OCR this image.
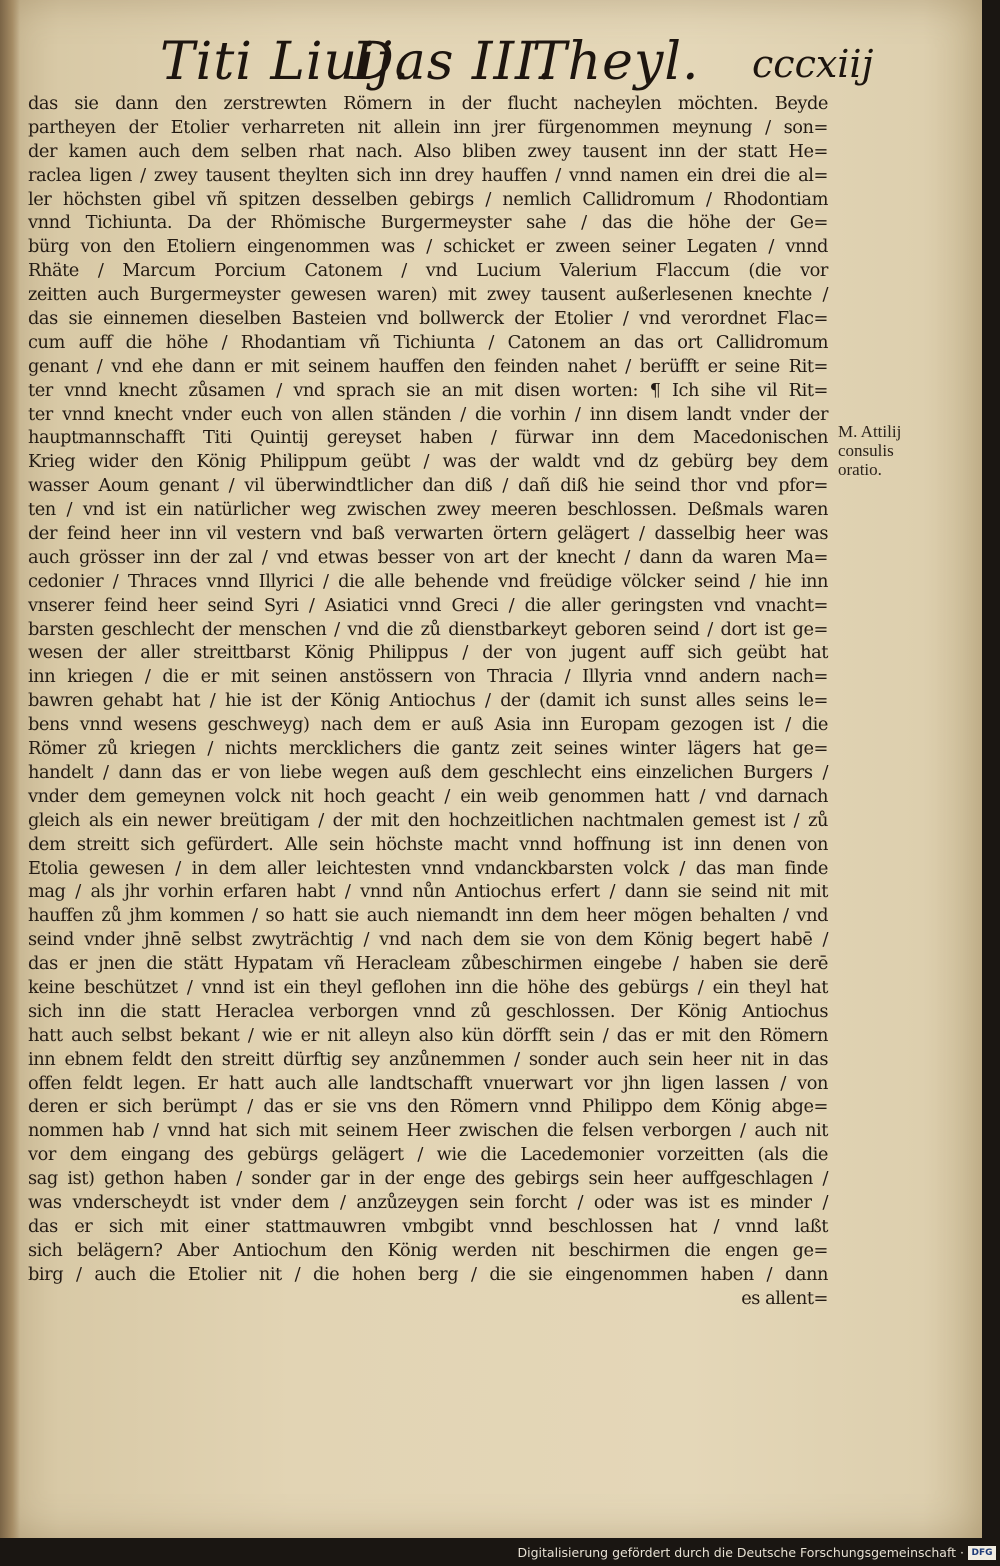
Titi Liuij.
Das III.
Theyl. cccxiij
das sie dann den zerstrewten Römern in der flucht nacheylen möchten. Beyde
partheyen der Etolier verharreten nit allein inn jrer fürgenommen meynung / son=
der kamen auch dem selben rhat nach. Also bliben zwey tausent inn der statt He=
raclea ligen / zwey tausent theylten sich inn drey hauffen / vnnd namen ein drei die al=
ler höchsten gibel vñ spitzen desselben gebirgs / nemlich Callidromum / Rhodontiam
vnnd Tichiunta. Da der Rhömische Burgermeyster sahe / das die höhe der Ge=
bürg von den Etoliern eingenommen was / schicket er zween seiner Legaten / vnnd
Rhäte / Marcum Porcium Catonem / vnd Lucium Valerium Flaccum (die vor
zeitten auch Burgermeyster gewesen waren) mit zwey tausent außerlesenen knechte /
das sie einnemen dieselben Basteien vnd bollwerck der Etolier / vnd verordnet Flac=
cum auff die höhe / Rhodantiam vñ Tichiunta / Catonem an das ort Callidromum
genant / vnd ehe dann er mit seinem hauffen den feinden nahet / berüfft er seine Rit=
ter vnnd knecht zůsamen / vnd sprach sie an mit disen worten: ¶ Ich sihe vil Rit=
ter vnnd knecht vnder euch von allen ständen / die vorhin / inn disem landt vnder der
hauptmannschafft Titi Quintij gereyset haben / fürwar inn dem Macedonischen
Krieg wider den König Philippum geübt / was der waldt vnd dz gebürg bey dem
wasser Aoum genant / vil überwindtlicher dan diß / dañ diß hie seind thor vnd pfor=
ten / vnd ist ein natürlicher weg zwischen zwey meeren beschlossen. Deßmals waren
der feind heer inn vil vestern vnd baß verwarten örtern gelägert / dasselbig heer was
auch grösser inn der zal / vnd etwas besser von art der knecht / dann da waren Ma=
cedonier / Thraces vnnd Illyrici / die alle behende vnd freüdige völcker seind / hie inn
vnserer feind heer seind Syri / Asiatici vnnd Greci / die aller geringsten vnd vnacht=
barsten geschlecht der menschen / vnd die zů dienstbarkeyt geboren seind / dort ist ge=
wesen der aller streittbarst König Philippus / der von jugent auff sich geübt hat
inn kriegen / die er mit seinen anstössern von Thracia / Illyria vnnd andern nach=
bawren gehabt hat / hie ist der König Antiochus / der (damit ich sunst alles seins le=
bens vnnd wesens geschweyg) nach dem er auß Asia inn Europam gezogen ist / die
Römer zů kriegen / nichts mercklichers die gantz zeit seines winter lägers hat ge=
handelt / dann das er von liebe wegen auß dem geschlecht eins einzelichen Burgers /
vnder dem gemeynen volck nit hoch geacht / ein weib genommen hatt / vnd darnach
gleich als ein newer breütigam / der mit den hochzeitlichen nachtmalen gemest ist / zů
dem streitt sich gefürdert. Alle sein höchste macht vnnd hoffnung ist inn denen von
Etolia gewesen / in dem aller leichtesten vnnd vndanckbarsten volck / das man finde
mag / als jhr vorhin erfaren habt / vnnd nůn Antiochus erfert / dann sie seind nit mit
hauffen zů jhm kommen / so hatt sie auch niemandt inn dem heer mögen behalten / vnd
seind vnder jhnē selbst zwyträchtig / vnd nach dem sie von dem König begert habē /
das er jnen die stätt Hypatam vñ Heracleam zůbeschirmen eingebe / haben sie derē
keine beschützet / vnnd ist ein theyl geflohen inn die höhe des gebürgs / ein theyl hat
sich inn die statt Heraclea verborgen vnnd zů geschlossen. Der König Antiochus
hatt auch selbst bekant / wie er nit alleyn also kün dörfft sein / das er mit den Römern
inn ebnem feldt den streitt dürftig sey anzůnemmen / sonder auch sein heer nit in das
offen feldt legen. Er hatt auch alle landtschafft vnuerwart vor jhn ligen lassen / von
deren er sich berümpt / das er sie vns den Römern vnnd Philippo dem König abge=
nommen hab / vnnd hat sich mit seinem Heer zwischen die felsen verborgen / auch nit
vor dem eingang des gebürgs gelägert / wie die Lacedemonier vorzeitten (als die
sag ist) gethon haben / sonder gar in der enge des gebirgs sein heer auffgeschlagen /
was vnderscheydt ist vnder dem / anzůzeygen sein forcht / oder was ist es minder /
das er sich mit einer stattmauwren vmbgibt vnnd beschlossen hat / vnnd laßt
sich belägern? Aber Antiochum den König werden nit beschirmen die engen ge=
birg / auch die Etolier nit / die hohen berg / die sie eingenommen haben / dann
es allent=
M. Attilij
consulis
oratio.
Digitalisierung gefördert durch die Deutsche Forschungsgemeinschaft · DFG
